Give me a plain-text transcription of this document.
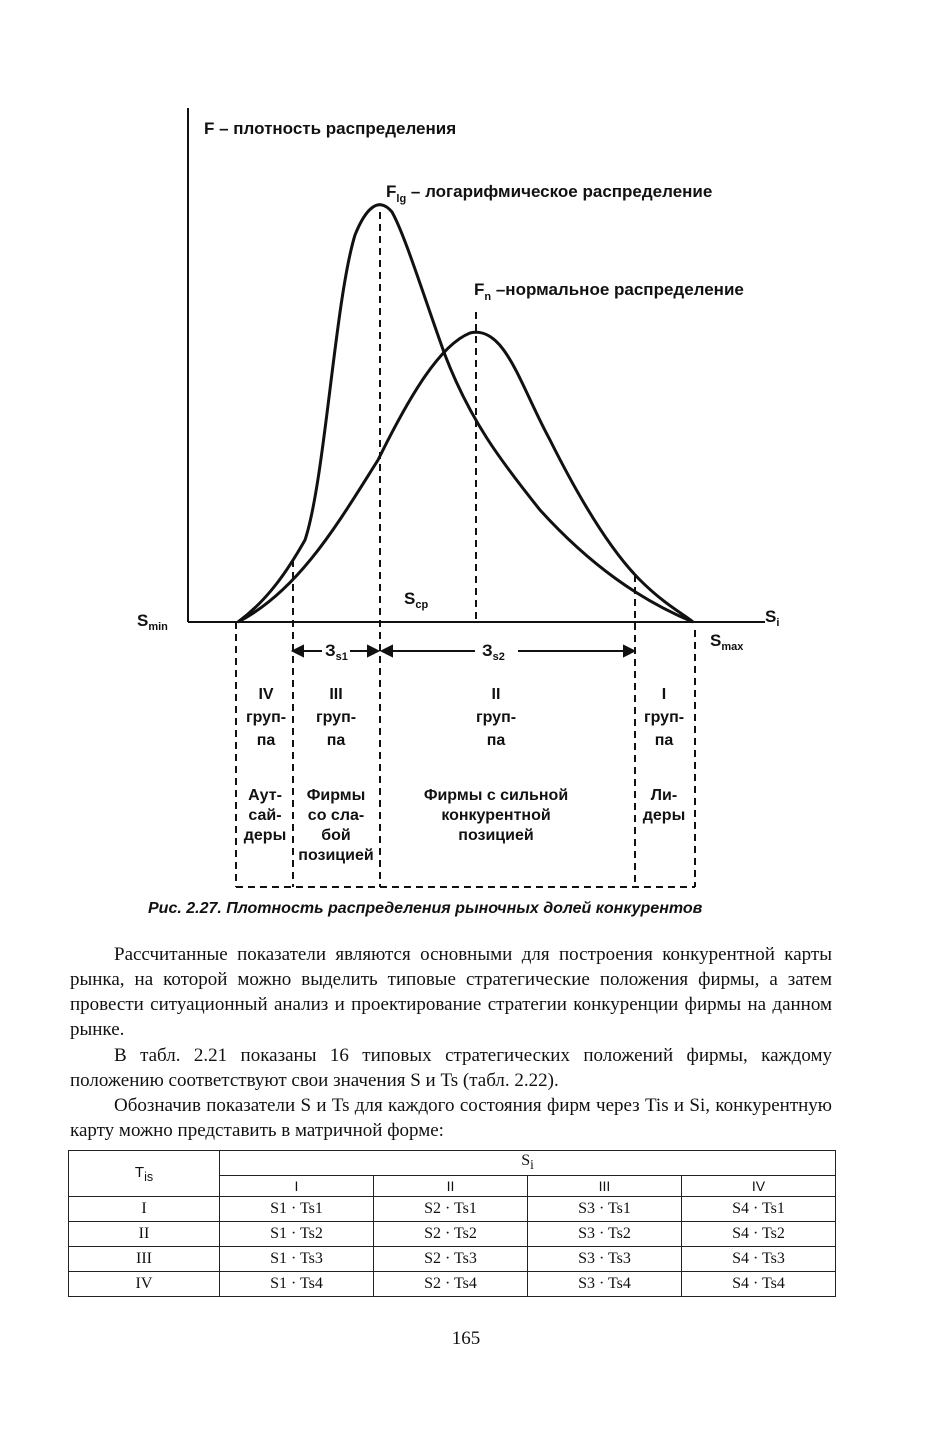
F – плотность распределения
$F_{lg}$ – логарифмическое распределение
$F_n$ –нормальное распределение
$S_{min}$
$S_i$
$S_{max}$
$S_{cp}$
$З_{s1}$	$З_{s2}$
IV
груп-
па
Аут-
сай-
деры
III
груп-
па
Фирмы
со сла-
бой
позицией
II
груп-
па
Фирмы с сильной
конкурентной
позицией
I
груп-
па
Ли-
деры
Рис. 2.27. Плотность распределения рыночных долей конкурентов
Рассчитанные показатели являются основными для построения конкурентной карты рынка, на которой можно выделить типовые стратегические положения фирмы, а затем провести ситуационный анализ и проектирование стратегии конкуренции фирмы на данном рынке.
В табл. 2.21 показаны 16 типовых стратегических положений фирмы, каждому положению соответствуют свои значения S и Ts (табл. 2.22).
Обозначив показатели S и Ts для каждого состояния фирм через Tis и Si, конкурентную карту можно представить в матричной форме:
$T_{is}$	$S_i$
	I	II	III	IV
I	S1 · Ts1	S2 · Ts1	S3 · Ts1	S4 · Ts1
II	S1 · Ts2	S2 · Ts2	S3 · Ts2	S4 · Ts2
III	S1 · Ts3	S2 · Ts3	S3 · Ts3	S4 · Ts3
IV	S1 · Ts4	S2 · Ts4	S3 · Ts4	S4 · Ts4
165
